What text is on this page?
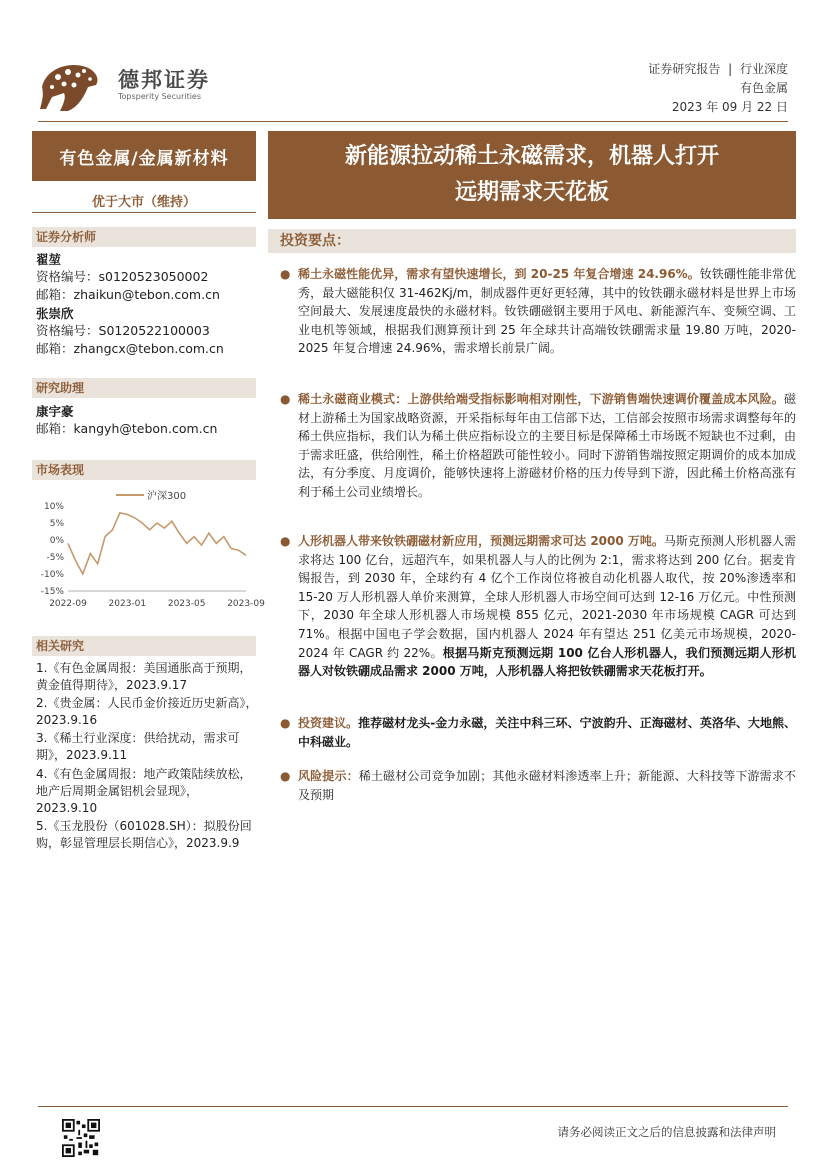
德邦证券
Topsperity Securities
证券研究报告 | 行业深度
有色金属
2023 年 09 月 22 日
有色金属/金属新材料
优于大市（维持）
新能源拉动稀土永磁需求，机器人打开
远期需求天花板
证券分析师
翟堃
资格编号：s0120523050002
邮箱：zhaikun@tebon.com.cn
张崇欣
资格编号：S0120522100003
邮箱：zhangcx@tebon.com.cn
研究助理
康宇豪
邮箱：kangyh@tebon.com.cn
市场表现
沪深300
10%
5%
0%
-5%
-10%
-15%
2022-09 2023-01 2023-05 2023-09
相关研究
1.《有色金属周报：美国通胀高于预期，黄金值得期待》，2023.9.17
2.《贵金属：人民币金价接近历史新高》，2023.9.16
3.《稀土行业深度：供给扰动，需求可期》，2023.9.11
4.《有色金属周报：地产政策陆续放松，地产后周期金属铝机会显现》，2023.9.10
5.《玉龙股份（601028.SH）：拟股份回购，彰显管理层长期信心》，2023.9.9
投资要点：
● 稀土永磁性能优异，需求有望快速增长，到 20-25 年复合增速 24.96%。钕铁硼性能非常优秀，最大磁能积仅 31-462Kj/m，制成器件更好更轻薄，其中的钕铁硼永磁材料是世界上市场空间最大、发展速度最快的永磁材料。钕铁硼磁钢主要用于风电、新能源汽车、变频空调、工业电机等领域，根据我们测算预计到 25 年全球共计高端钕铁硼需求量 19.80 万吨，2020-2025 年复合增速 24.96%，需求增长前景广阔。
● 稀土永磁商业模式：上游供给端受指标影响相对刚性，下游销售端快速调价覆盖成本风险。磁材上游稀土为国家战略资源，开采指标每年由工信部下达，工信部会按照市场需求调整每年的稀土供应指标，我们认为稀土供应指标设立的主要目标是保障稀土市场既不短缺也不过剩，由于需求旺盛，供给刚性，稀土价格超跌可能性较小。同时下游销售端按照定期调价的成本加成法，有分季度、月度调价，能够快速将上游磁材价格的压力传导到下游，因此稀土价格高涨有利于稀土公司业绩增长。
● 人形机器人带来钕铁硼磁材新应用，预测远期需求可达 2000 万吨。马斯克预测人形机器人需求将达 100 亿台，远超汽车，如果机器人与人的比例为 2:1，需求将达到 200 亿台。据麦肯锡报告，到 2030 年，全球约有 4 亿个工作岗位将被自动化机器人取代，按 20%渗透率和 15-20 万人形机器人单价来测算，全球人形机器人市场空间可达到 12-16 万亿元。中性预测下，2030 年全球人形机器人市场规模 855 亿元，2021-2030 年市场规模 CAGR 可达到 71%。根据中国电子学会数据，国内机器人 2024 年有望达 251 亿美元市场规模，2020-2024 年 CAGR 约 22%。根据马斯克预测远期 100 亿台人形机器人，我们预测远期人形机器人对钕铁硼成品需求 2000 万吨，人形机器人将把钕铁硼需求天花板打开。
● 投资建议。推荐磁材龙头-金力永磁，关注中科三环、宁波韵升、正海磁材、英洛华、大地熊、中科磁业。
● 风险提示：稀土磁材公司竞争加剧；其他永磁材料渗透率上升；新能源、大科技等下游需求不及预期
请务必阅读正文之后的信息披露和法律声明
